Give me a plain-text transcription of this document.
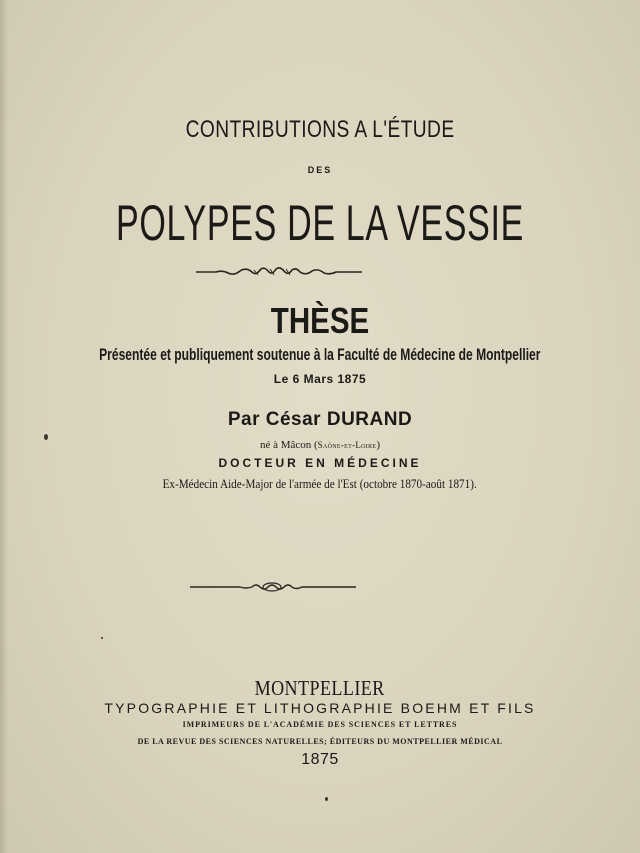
CONTRIBUTIONS A L'ÉTUDE
DES
POLYPES DE LA VESSIE
THÈSE
Présentée et publiquement soutenue à la Faculté de Médecine de Montpellier
Le 6 Mars 1875
Par César DURAND
né à Mâcon (Saône-et-Loire)
DOCTEUR EN MÉDECINE
Ex-Médecin Aide-Major de l'armée de l'Est (octobre 1870-août 1871).
MONTPELLIER
TYPOGRAPHIE ET LITHOGRAPHIE BOEHM ET FILS
IMPRIMEURS DE L'ACADÉMIE DES SCIENCES ET LETTRES
DE LA REVUE DES SCIENCES NATURELLES; ÉDITEURS DU MONTPELLIER MÉDICAL
1875
